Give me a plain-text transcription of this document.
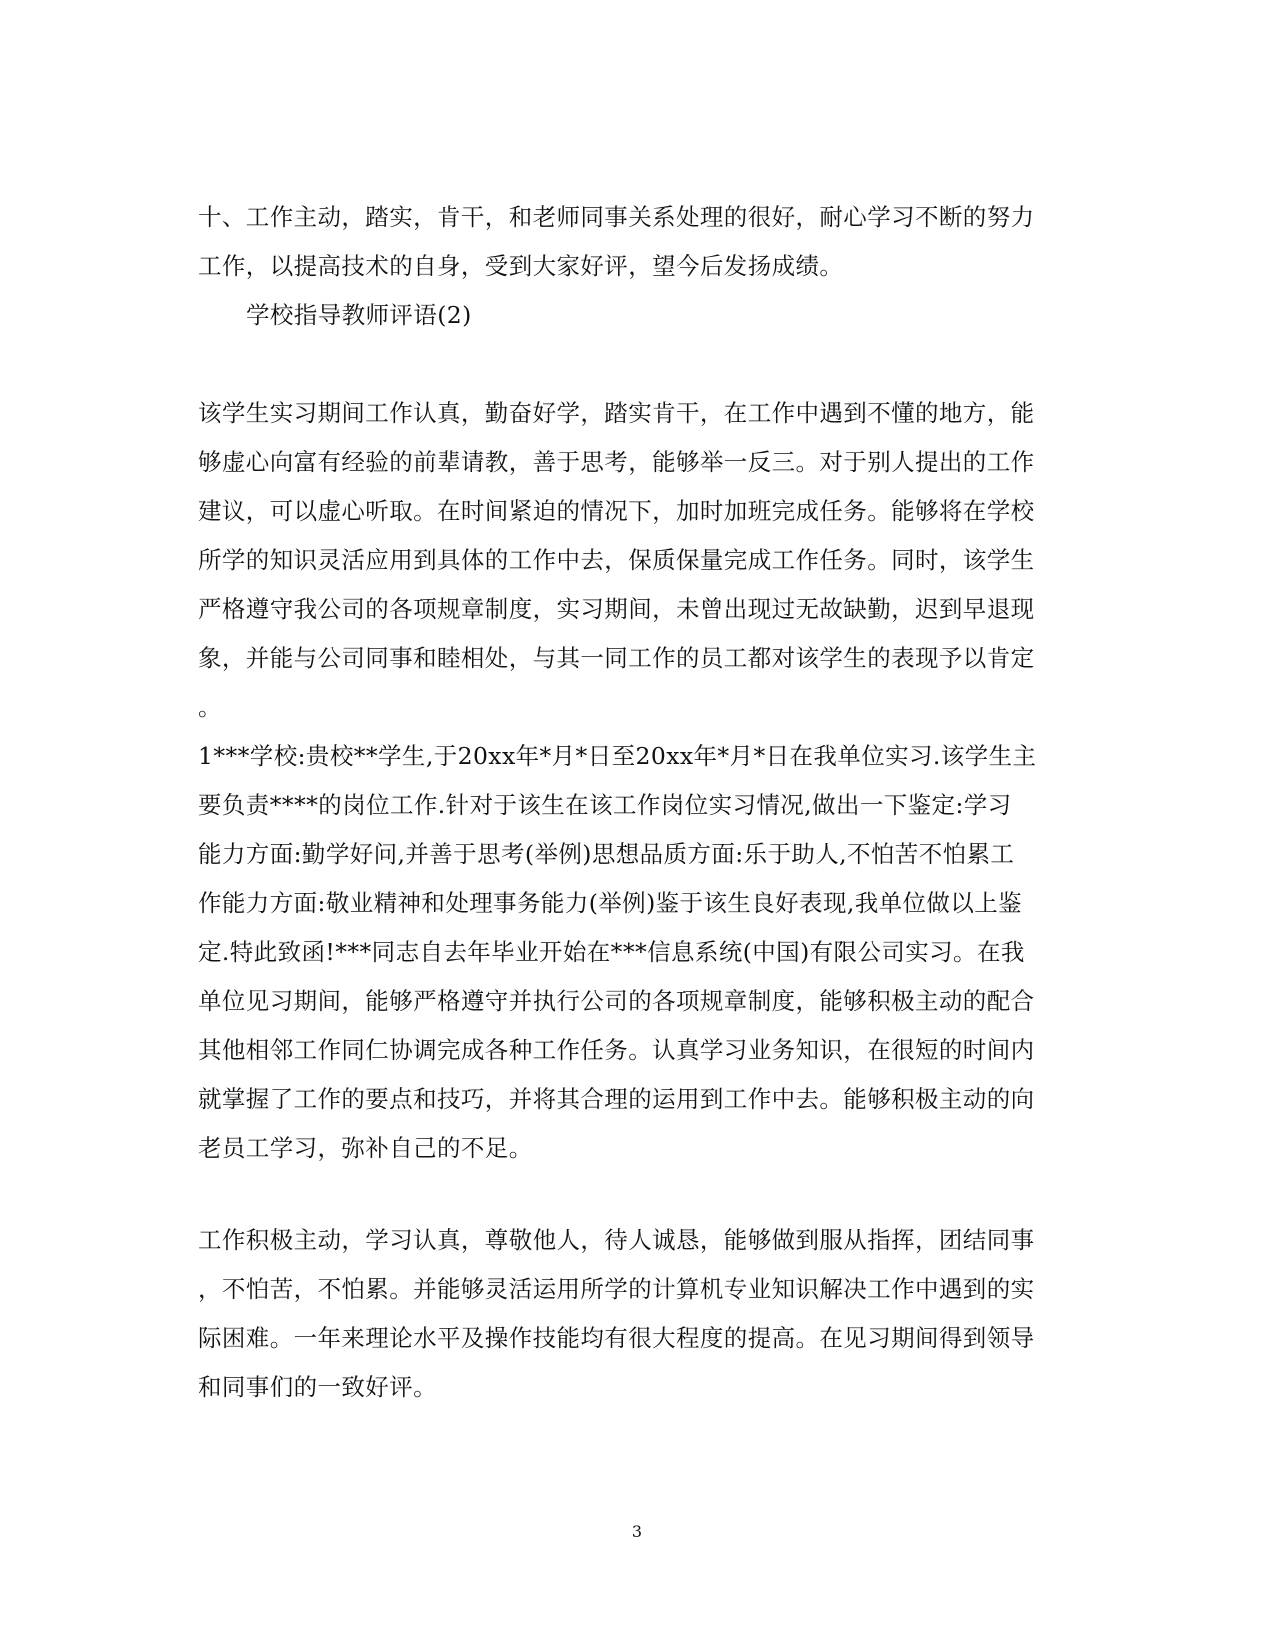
十、工作主动，踏实，肯干，和老师同事关系处理的很好，耐心学习不断的努力
工作，以提高技术的自身，受到大家好评，望今后发扬成绩。
学校指导教师评语(2)
该学生实习期间工作认真，勤奋好学，踏实肯干，在工作中遇到不懂的地方，能
够虚心向富有经验的前辈请教，善于思考，能够举一反三。对于别人提出的工作
建议，可以虚心听取。在时间紧迫的情况下，加时加班完成任务。能够将在学校
所学的知识灵活应用到具体的工作中去，保质保量完成工作任务。同时，该学生
严格遵守我公司的各项规章制度，实习期间，未曾出现过无故缺勤，迟到早退现
象，并能与公司同事和睦相处，与其一同工作的员工都对该学生的表现予以肯定
。
1***学校:贵校**学生,于20xx年*月*日至20xx年*月*日在我单位实习.该学生主
要负责****的岗位工作.针对于该生在该工作岗位实习情况,做出一下鉴定:学习
能力方面:勤学好问,并善于思考(举例)思想品质方面:乐于助人,不怕苦不怕累工
作能力方面:敬业精神和处理事务能力(举例)鉴于该生良好表现,我单位做以上鉴
定.特此致函!***同志自去年毕业开始在***信息系统(中国)有限公司实习。在我
单位见习期间，能够严格遵守并执行公司的各项规章制度，能够积极主动的配合
其他相邻工作同仁协调完成各种工作任务。认真学习业务知识，在很短的时间内
就掌握了工作的要点和技巧，并将其合理的运用到工作中去。能够积极主动的向
老员工学习，弥补自己的不足。
工作积极主动，学习认真，尊敬他人，待人诚恳，能够做到服从指挥，团结同事
，不怕苦，不怕累。并能够灵活运用所学的计算机专业知识解决工作中遇到的实
际困难。一年来理论水平及操作技能均有很大程度的提高。在见习期间得到领导
和同事们的一致好评。
3
